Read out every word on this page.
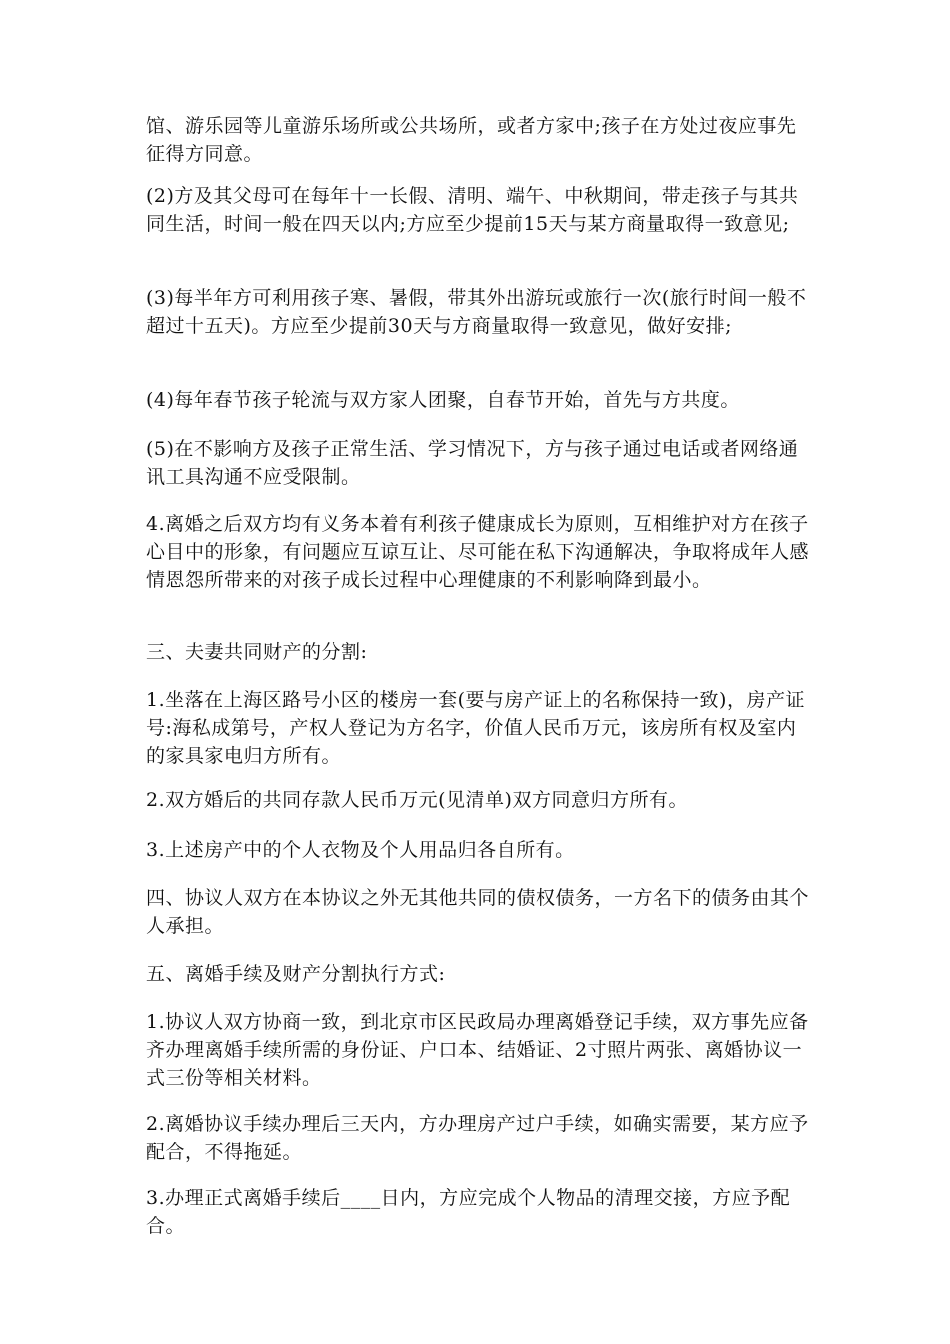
馆、游乐园等儿童游乐场所或公共场所，或者方家中;孩子在方处过夜应事先征得方同意。

(2)方及其父母可在每年十一长假、清明、端午、中秋期间，带走孩子与其共同生活，时间一般在四天以内;方应至少提前15天与某方商量取得一致意见;

(3)每半年方可利用孩子寒、暑假，带其外出游玩或旅行一次(旅行时间一般不超过十五天)。方应至少提前30天与方商量取得一致意见，做好安排;

(4)每年春节孩子轮流与双方家人团聚，自春节开始，首先与方共度。

(5)在不影响方及孩子正常生活、学习情况下，方与孩子通过电话或者网络通讯工具沟通不应受限制。

4.离婚之后双方均有义务本着有利孩子健康成长为原则，互相维护对方在孩子心目中的形象，有问题应互谅互让、尽可能在私下沟通解决，争取将成年人感情恩怨所带来的对孩子成长过程中心理健康的不利影响降到最小。

三、夫妻共同财产的分割:

1.坐落在上海区路号小区的楼房一套(要与房产证上的名称保持一致)，房产证号:海私成第号，产权人登记为方名字，价值人民币万元，该房所有权及室内的家具家电归方所有。

2.双方婚后的共同存款人民币万元(见清单)双方同意归方所有。

3.上述房产中的个人衣物及个人用品归各自所有。

四、协议人双方在本协议之外无其他共同的债权债务，一方名下的债务由其个人承担。

五、离婚手续及财产分割执行方式:

1.协议人双方协商一致，到北京市区民政局办理离婚登记手续，双方事先应备齐办理离婚手续所需的身份证、户口本、结婚证、2寸照片两张、离婚协议一式三份等相关材料。

2.离婚协议手续办理后三天内，方办理房产过户手续，如确实需要，某方应予配合，不得拖延。

3.办理正式离婚手续后____日内，方应完成个人物品的清理交接，方应予配合。
